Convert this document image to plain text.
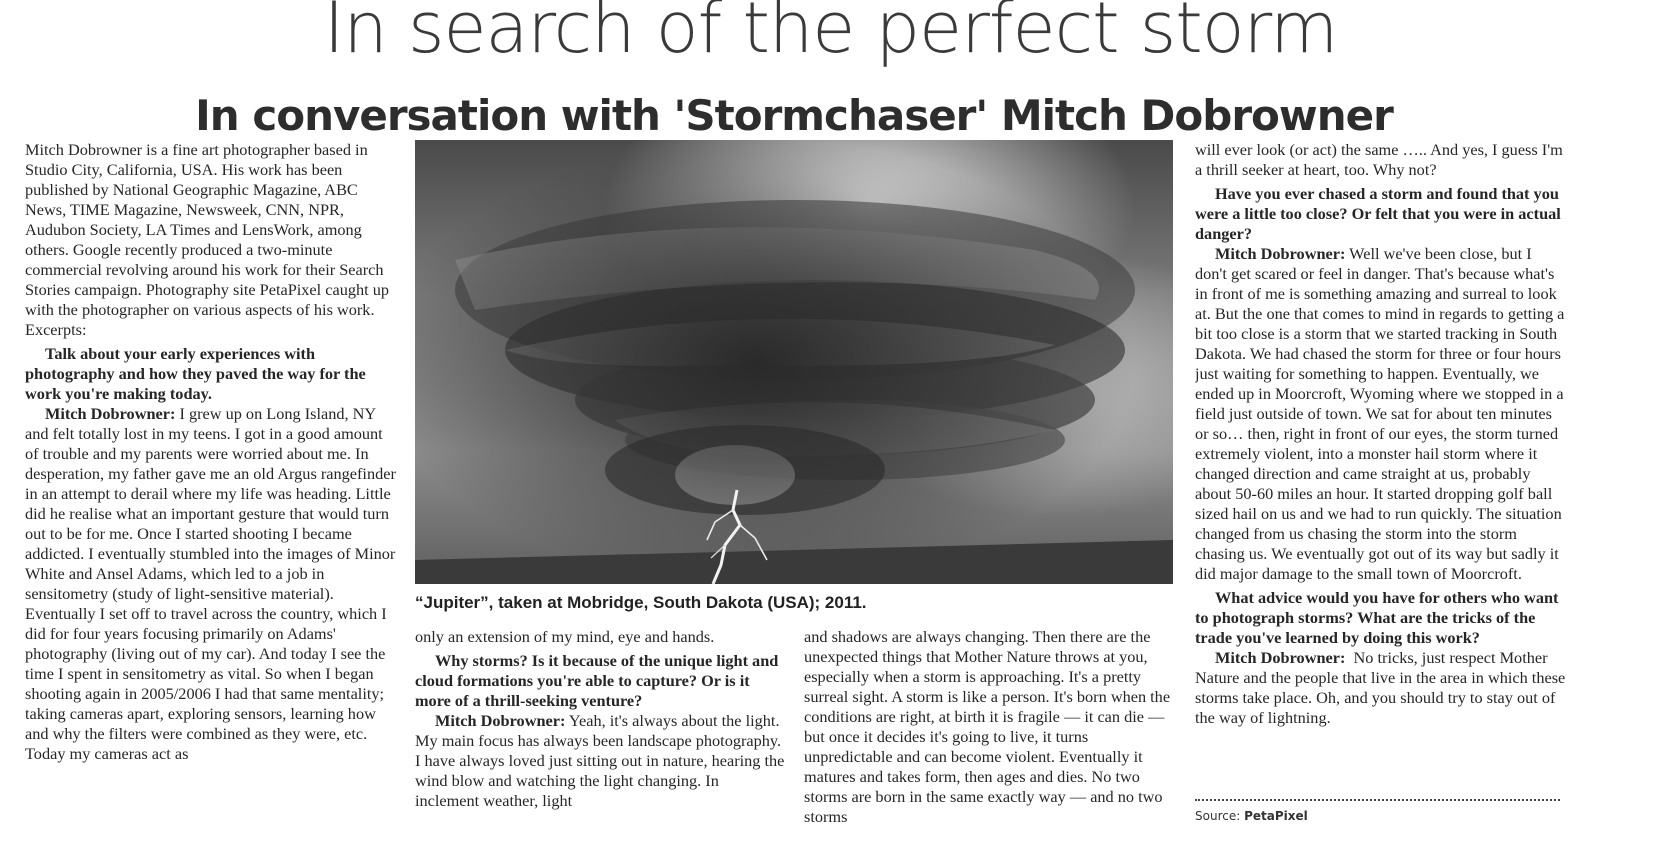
In search of the perfect storm
In conversation with 'Stormchaser' Mitch Dobrowner

Mitch Dobrowner is a fine art photographer based in Studio City, California, USA. His work has been published by National Geographic Magazine, ABC News, TIME Magazine, Newsweek, CNN, NPR, Audubon Society, LA Times and LensWork, among others. Google recently produced a two-minute commercial revolving around his work for their Search Stories campaign. Photography site PetaPixel caught up with the photographer on various aspects of his work. Excerpts:

Talk about your early experiences with photography and how they paved the way for the work you're making today.

Mitch Dobrowner: I grew up on Long Island, NY and felt totally lost in my teens. I got in a good amount of trouble and my parents were worried about me. In desperation, my father gave me an old Argus rangefinder in an attempt to derail where my life was heading. Little did he realise what an important gesture that would turn out to be for me. Once I started shooting I became addicted. I eventually stumbled into the images of Minor White and Ansel Adams, which led to a job in sensitometry (study of light-sensitive material). Eventually I set off to travel across the country, which I did for four years focusing primarily on Adams' photography (living out of my car). And today I see the time I spent in sensitometry as vital. So when I began shooting again in 2005/2006 I had that same mentality; taking cameras apart, exploring sensors, learning how and why the filters were combined as they were, etc. Today my cameras act as

“Jupiter”, taken at Mobridge, South Dakota (USA); 2011.

only an extension of my mind, eye and hands.

Why storms? Is it because of the unique light and cloud formations you're able to capture? Or is it more of a thrill-seeking venture?

Mitch Dobrowner: Yeah, it's always about the light. My main focus has always been landscape photography. I have always loved just sitting out in nature, hearing the wind blow and watching the light changing. In inclement weather, light

and shadows are always changing. Then there are the unexpected things that Mother Nature throws at you, especially when a storm is approaching. It's a pretty surreal sight. A storm is like a person. It's born when the conditions are right, at birth it is fragile — it can die — but once it decides it's going to live, it turns unpredictable and can become violent. Eventually it matures and takes form, then ages and dies. No two storms are born in the same exactly way — and no two storms

will ever look (or act) the same ….. And yes, I guess I'm a thrill seeker at heart, too. Why not?

Have you ever chased a storm and found that you were a little too close? Or felt that you were in actual danger?

Mitch Dobrowner: Well we've been close, but I don't get scared or feel in danger. That's because what's in front of me is something amazing and surreal to look at. But the one that comes to mind in regards to getting a bit too close is a storm that we started tracking in South Dakota. We had chased the storm for three or four hours just waiting for something to happen. Eventually, we ended up in Moorcroft, Wyoming where we stopped in a field just outside of town. We sat for about ten minutes or so… then, right in front of our eyes, the storm turned extremely violent, into a monster hail storm where it changed direction and came straight at us, probably about 50-60 miles an hour. It started dropping golf ball sized hail on us and we had to run quickly. The situation changed from us chasing the storm into the storm chasing us. We eventually got out of its way but sadly it did major damage to the small town of Moorcroft.

What advice would you have for others who want to photograph storms? What are the tricks of the trade you've learned by doing this work?

Mitch Dobrowner: No tricks, just respect Mother Nature and the people that live in the area in which these storms take place. Oh, and you should try to stay out of the way of lightning.

Source: PetaPixel
